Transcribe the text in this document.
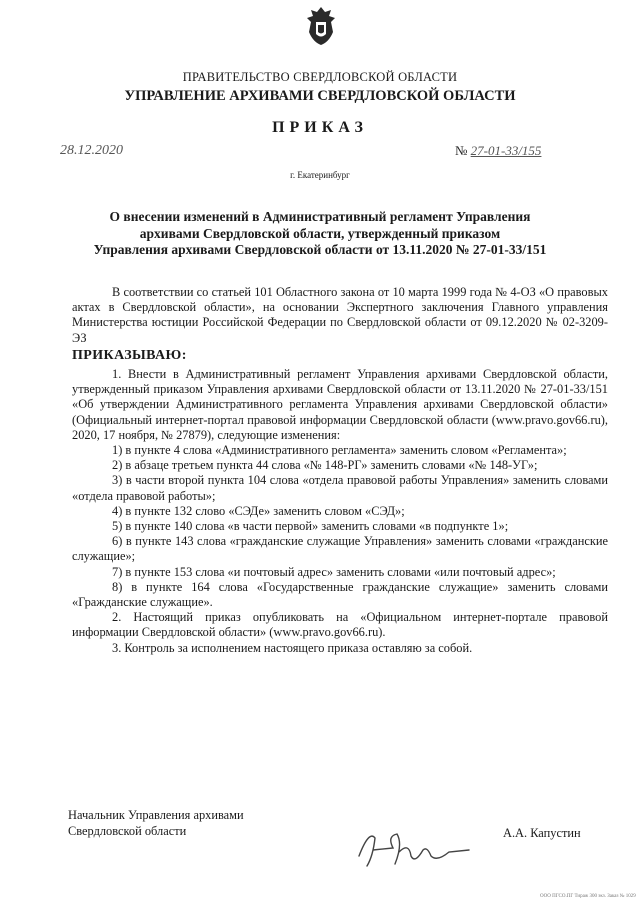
ПРАВИТЕЛЬСТВО СВЕРДЛОВСКОЙ ОБЛАСТИ
УПРАВЛЕНИЕ АРХИВАМИ СВЕРДЛОВСКОЙ ОБЛАСТИ
ПРИКАЗ
28.12.2020	№ 27-01-33/155
г. Екатеринбург
О внесении изменений в Административный регламент Управления
архивами Свердловской области, утвержденный приказом
Управления архивами Свердловской области от 13.11.2020 № 27-01-33/151
В соответствии со статьей 101 Областного закона от 10 марта 1999 года № 4-ОЗ «О правовых актах в Свердловской области», на основании Экспертного заключения Главного управления Министерства юстиции Российской Федерации по Свердловской области от 09.12.2020 № 02-3209-ЭЗ
ПРИКАЗЫВАЮ:

1. Внести в Административный регламент Управления архивами Свердловской области, утвержденный приказом Управления архивами Свердловской области от 13.11.2020 № 27-01-33/151 «Об утверждении Административного регламента Управления архивами Свердловской области» (Официальный интернет-портал правовой информации Свердловской области (www.pravo.gov66.ru), 2020, 17 ноября, № 27879), следующие изменения:

1) в пункте 4 слова «Административного регламента» заменить словом «Регламента»;

2) в абзаце третьем пункта 44 слова «№ 148-РГ» заменить словами «№ 148-УГ»;

3) в части второй пункта 104 слова «отдела правовой работы Управления» заменить словами «отдела правовой работы»;

4) в пункте 132 слово «СЭДе» заменить словом «СЭД»;

5) в пункте 140 слова «в части первой» заменить словами «в подпункте 1»;

6) в пункте 143 слова «гражданские служащие Управления» заменить словами «гражданские служащие»;

7) в пункте 153 слова «и почтовый адрес» заменить словами «или почтовый адрес»;

8) в пункте 164 слова «Государственные гражданские служащие» заменить словами «Гражданские служащие».

2. Настоящий приказ опубликовать на «Официальном интернет-портале правовой информации Свердловской области» (www.pravo.gov66.ru).

3. Контроль за исполнением настоящего приказа оставляю за собой.

Начальник Управления архивами
Свердловской области	А.А. Капустин
ООО ПГСО.ПГ Тираж 300 экз. Заказ № 1029
